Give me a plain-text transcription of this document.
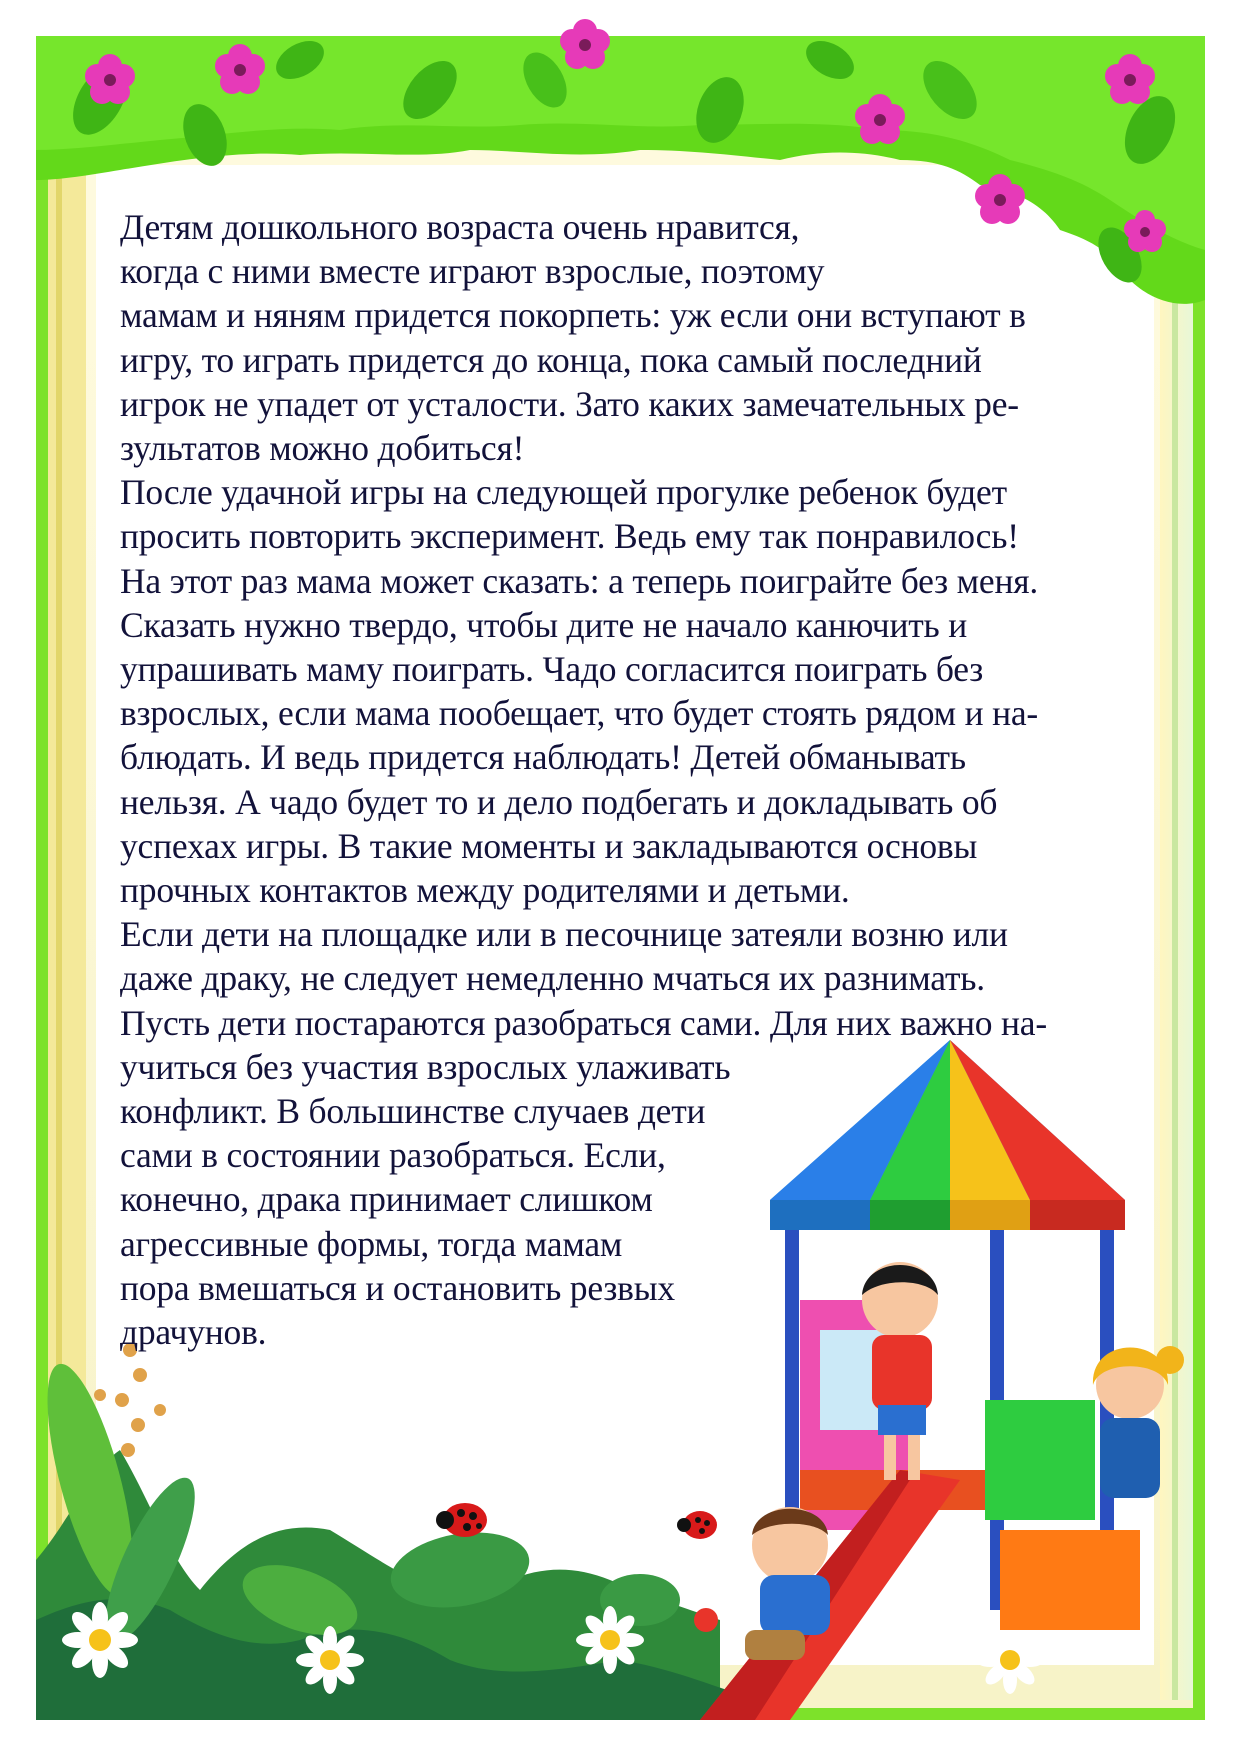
Детям дошкольного возраста очень нравится,
когда с ними вместе играют взрослые, поэтому
мамам и няням придется покорпеть: уж если они вступают в
игру, то играть придется до конца, пока самый последний
игрок не упадет от усталости. Зато каких замечательных ре-
зультатов можно добиться!
После удачной игры на следующей прогулке ребенок будет
просить повторить эксперимент. Ведь ему так понравилось!
На этот раз мама может сказать: а теперь поиграйте без меня.
Сказать нужно твердо, чтобы дите не начало канючить и
упрашивать маму поиграть. Чадо согласится поиграть без
взрослых, если мама пообещает, что будет стоять рядом и на-
блюдать. И ведь придется наблюдать! Детей обманывать
нельзя. А чадо будет то и дело подбегать и докладывать об
успехах игры. В такие моменты и закладываются основы
прочных контактов между родителями и детьми.
Если дети на площадке или в песочнице затеяли возню или
даже драку, не следует немедленно мчаться их разнимать.
Пусть дети постараются разобраться сами. Для них важно на-
учиться без участия взрослых улаживать
конфликт. В большинстве случаев дети
сами в состоянии разобраться. Если,
конечно, драка принимает слишком
агрессивные формы, тогда мамам
пора вмешаться и остановить резвых
драчунов.
